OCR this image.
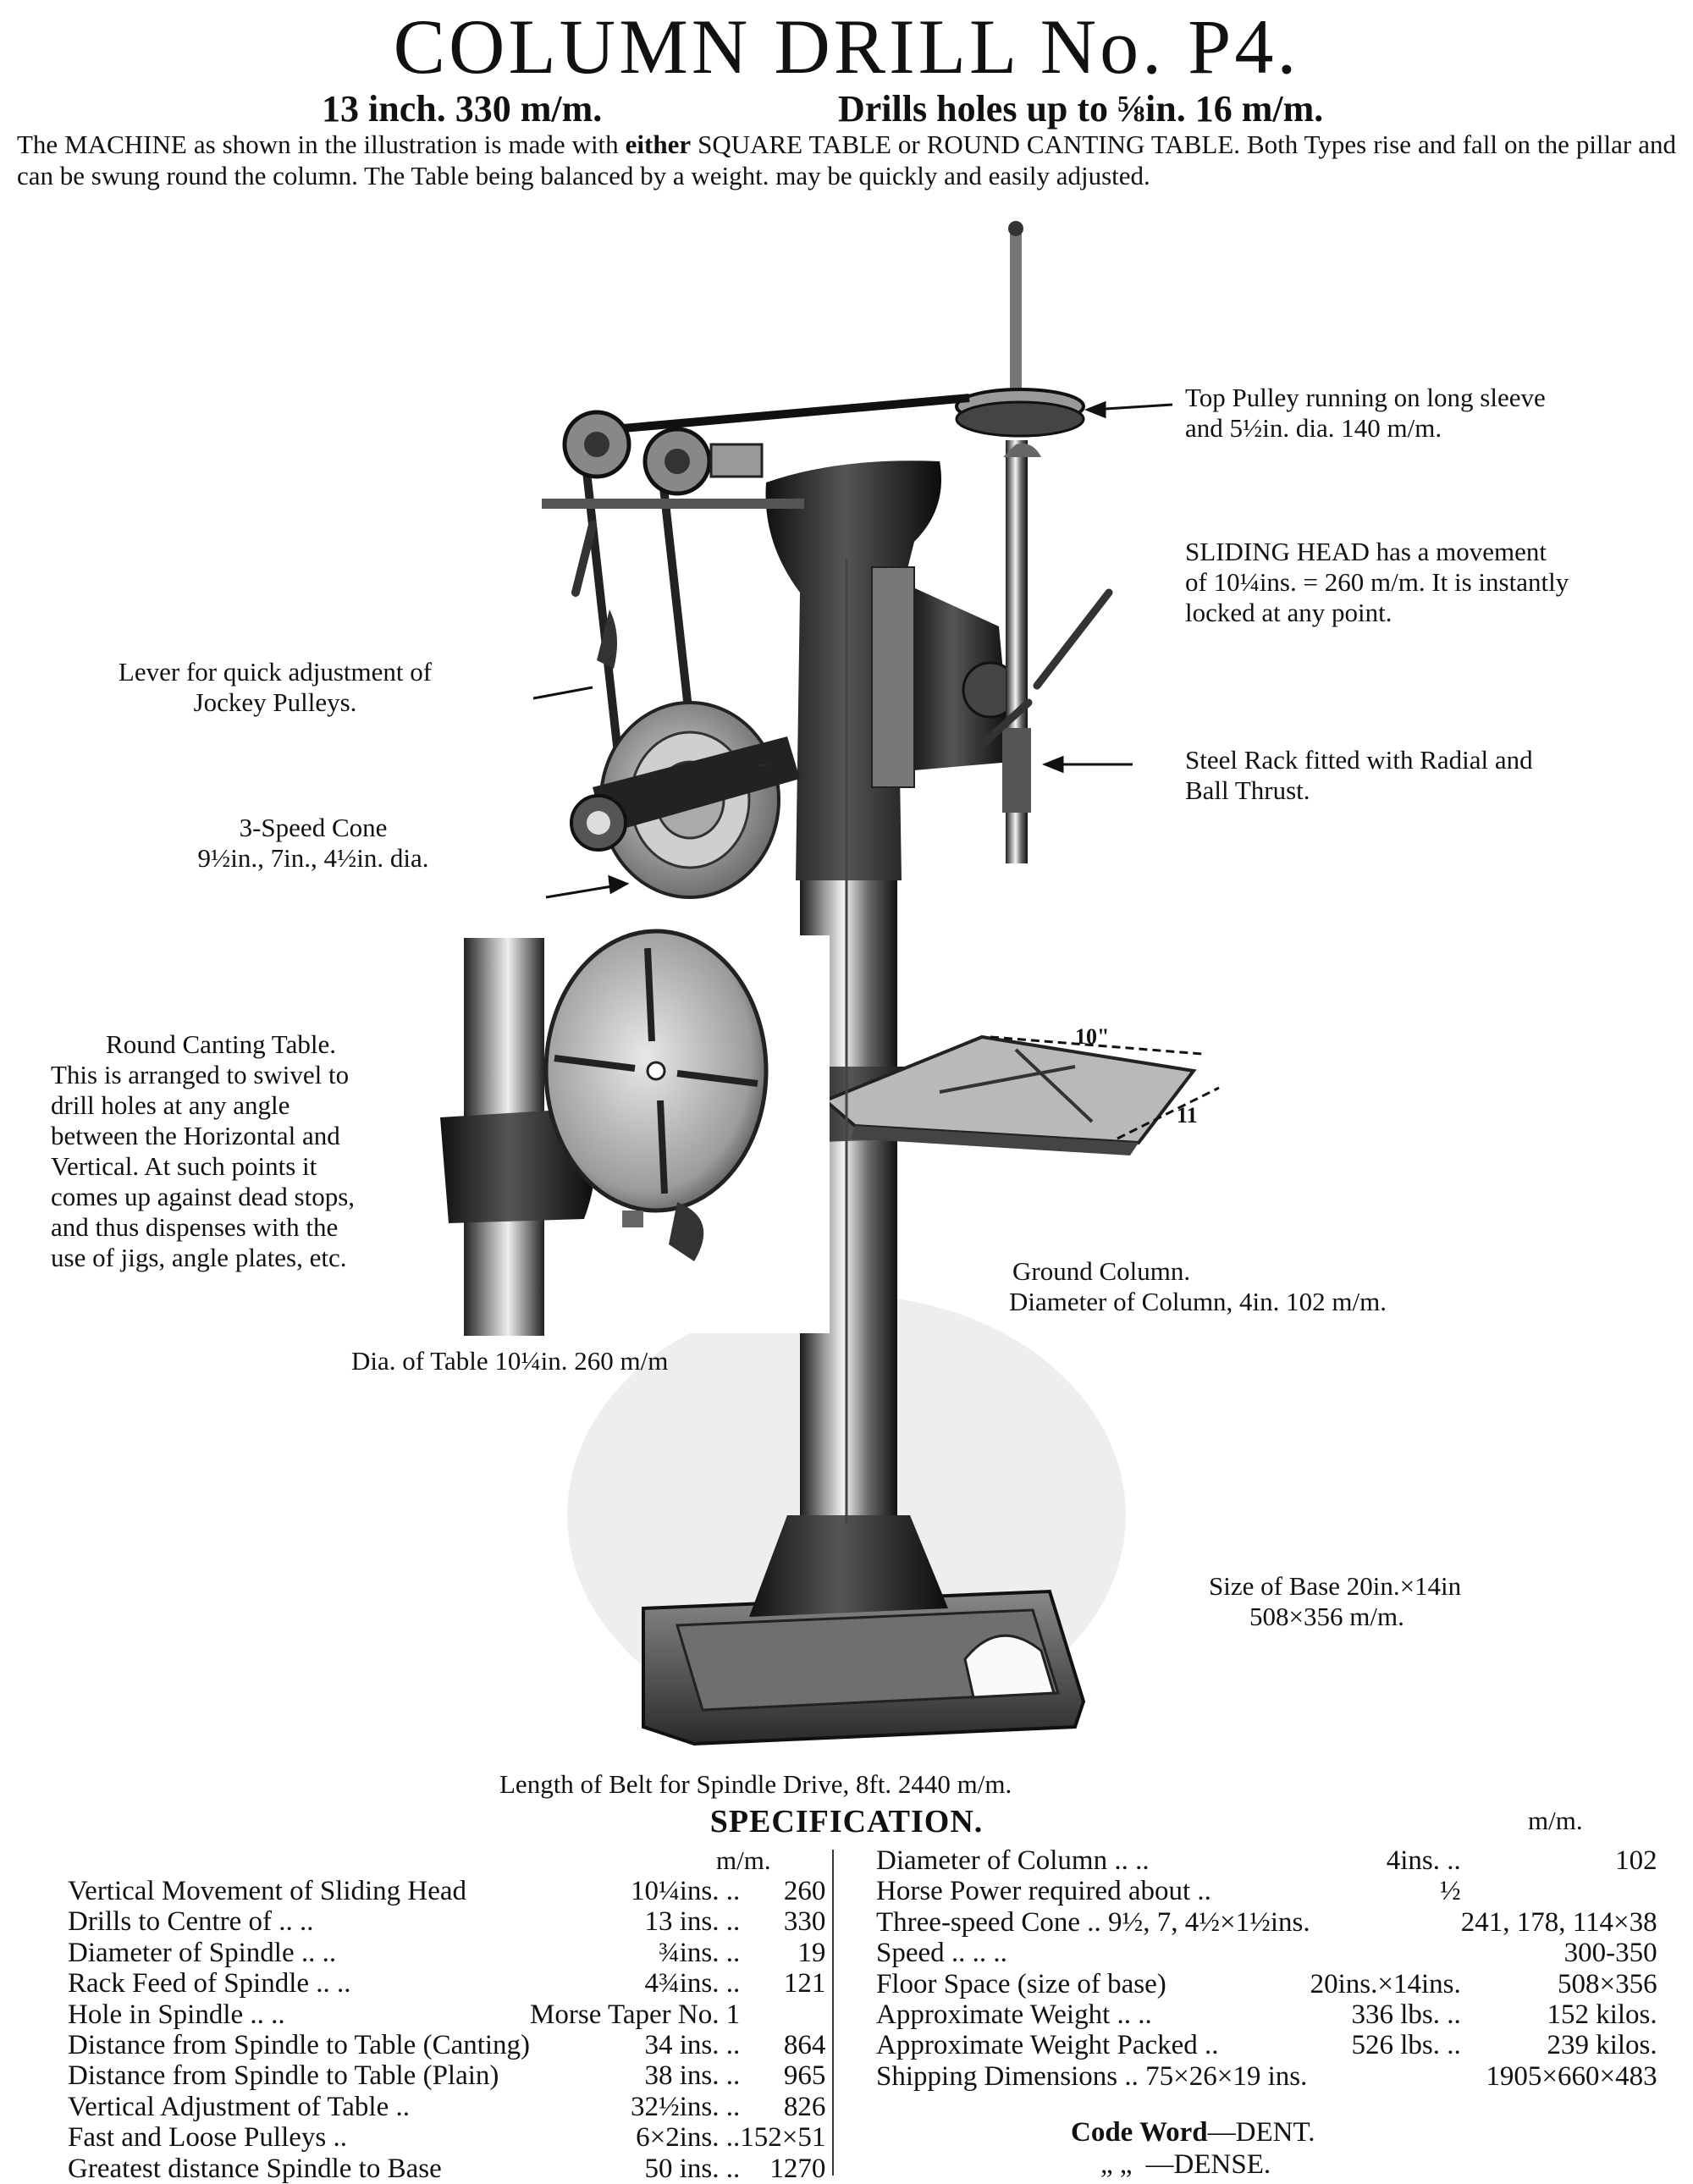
COLUMN DRILL No. P4.
13 inch. 330 m/m.	Drills holes up to ⅝in. 16 m/m.
The MACHINE as shown in the illustration is made with either SQUARE TABLE or ROUND CANTING TABLE. Both Types rise and fall on the pillar and can be swung round the column. The Table being balanced by a weight. may be quickly and easily adjusted.
...
10"
11
Top Pulley running on long sleeve
and 5½in. dia. 140 m/m.
SLIDING HEAD has a movement
of 10¼ins. = 260 m/m. It is instantly
locked at any point.
Lever for quick adjustment of
Jockey Pulleys.
Steel Rack fitted with Radial and
Ball Thrust.
3-Speed Cone
9½in., 7in., 4½in. dia.
Round Canting Table.
This is arranged to swivel to
drill holes at any angle
between the Horizontal and
Vertical. At such points it
comes up against dead stops,
and thus dispenses with the
use of jigs, angle plates, etc.	Ground Column.
Diameter of Column, 4in. 102 m/m.
Dia. of Table 10¼in. 260 m/m
Size of Base 20in.×14in
508×356 m/m.
Length of Belt for Spindle Drive, 8ft. 2440 m/m.
SPECIFICATION.	m/m.
m/m.
Vertical Movement of Sliding Head	10¼ins. ..	260
Drills to Centre of .. ..	13 ins. ..	330
Diameter of Spindle .. ..	¾ins. ..	19
Rack Feed of Spindle .. ..	4¾ins. ..	121
Hole in Spindle .. ..	Morse Taper No. 1	
Distance from Spindle to Table (Canting)	34 ins. ..	864
Distance from Spindle to Table (Plain)	38 ins. ..	965
Vertical Adjustment of Table ..	32½ins. ..	826
Fast and Loose Pulleys ..	6×2ins. ..	152×51
Greatest distance Spindle to Base	50 ins. ..	1270
Diameter of Column .. ..	4ins. ..	102
Horse Power required about ..	½	
Three-speed Cone .. 9½, 7, 4½×1½ins.		241, 178, 114×38
Speed .. .. ..		300-350
Floor Space (size of base)	20ins.×14ins.	508×356
Approximate Weight .. ..	336 lbs. ..	152 kilos.
Approximate Weight Packed ..	526 lbs. ..	239 kilos.
Shipping Dimensions .. 75×26×19 ins.		1905×660×483
Code Word—DENT.
„ „ —DENSE.
